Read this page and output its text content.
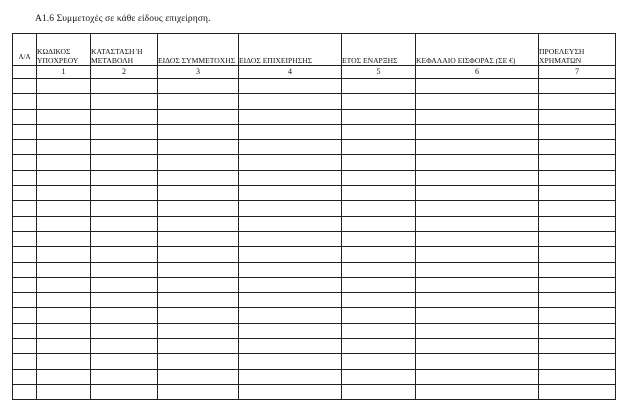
Α1.6 Συμμετοχές σε κάθε είδους επιχείρηση.
Α/Α	ΚΩΔΙΚΟΣ ΥΠΟΧΡΕΟΥ	ΚΑΤΑΣΤΑΣΗ Ή ΜΕΤΑΒΟΛΗ	ΕΙΔΟΣ ΣΥΜΜΕΤΟΧΗΣ	ΕΙΔΟΣ ΕΠΙΧΕΙΡΗΣΗΣ	ΕΤΟΣ ΕΝΑΡΞΗΣ	ΚΕΦΑΛΑΙΟ ΕΙΣΦΟΡΑΣ (ΣΕ €)	ΠΡΟΕΛΕΥΣΗ ΧΡΗΜΑΤΩΝ
	1	2	3	4	5	6	7
